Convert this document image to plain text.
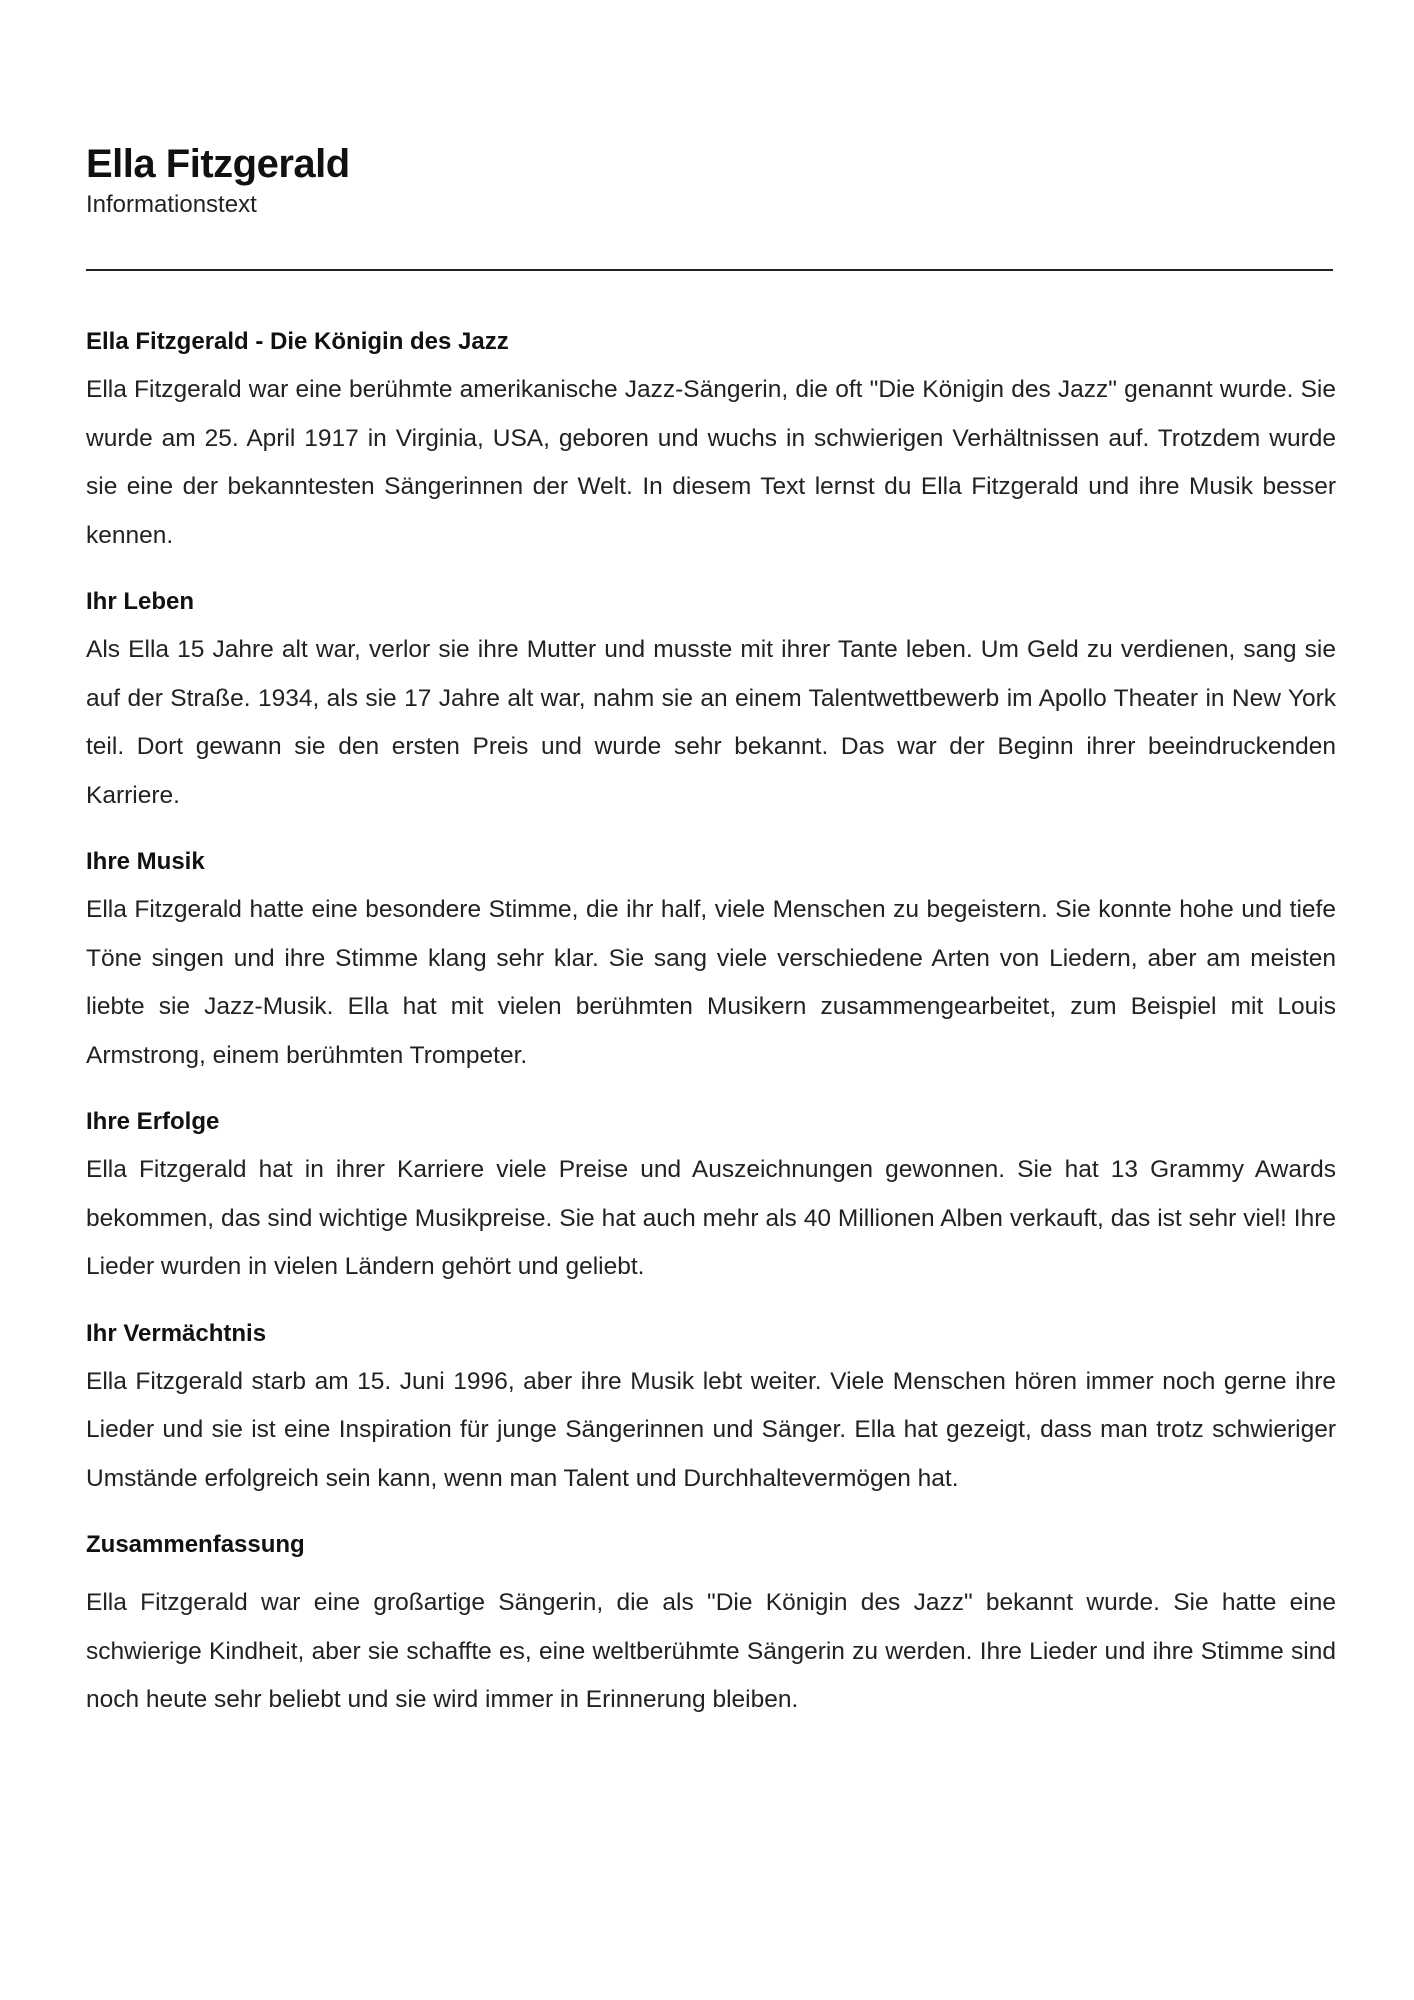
Ella Fitzgerald

Informationstext

Ella Fitzgerald - Die Königin des Jazz

Ella Fitzgerald war eine berühmte amerikanische Jazz-Sängerin, die oft "Die Königin des Jazz" genannt wurde. Sie wurde am 25. April 1917 in Virginia, USA, geboren und wuchs in schwierigen Verhältnissen auf. Trotzdem wurde sie eine der bekanntesten Sängerinnen der Welt. In diesem Text lernst du Ella Fitzgerald und ihre Musik besser kennen.

Ihr Leben

Als Ella 15 Jahre alt war, verlor sie ihre Mutter und musste mit ihrer Tante leben. Um Geld zu verdienen, sang sie auf der Straße. 1934, als sie 17 Jahre alt war, nahm sie an einem Talentwettbewerb im Apollo Theater in New York teil. Dort gewann sie den ersten Preis und wurde sehr bekannt. Das war der Beginn ihrer beeindruckenden Karriere.

Ihre Musik

Ella Fitzgerald hatte eine besondere Stimme, die ihr half, viele Menschen zu begeistern. Sie konnte hohe und tiefe Töne singen und ihre Stimme klang sehr klar. Sie sang viele verschiedene Arten von Liedern, aber am meisten liebte sie Jazz-Musik. Ella hat mit vielen berühmten Musikern zusammengearbeitet, zum Beispiel mit Louis Armstrong, einem berühmten Trompeter.

Ihre Erfolge

Ella Fitzgerald hat in ihrer Karriere viele Preise und Auszeichnungen gewonnen. Sie hat 13 Grammy Awards bekommen, das sind wichtige Musikpreise. Sie hat auch mehr als 40 Millionen Alben verkauft, das ist sehr viel! Ihre Lieder wurden in vielen Ländern gehört und geliebt.

Ihr Vermächtnis

Ella Fitzgerald starb am 15. Juni 1996, aber ihre Musik lebt weiter. Viele Menschen hören immer noch gerne ihre Lieder und sie ist eine Inspiration für junge Sängerinnen und Sänger. Ella hat gezeigt, dass man trotz schwieriger Umstände erfolgreich sein kann, wenn man Talent und Durchhaltevermögen hat.

Zusammenfassung

Ella Fitzgerald war eine großartige Sängerin, die als "Die Königin des Jazz" bekannt wurde. Sie hatte eine schwierige Kindheit, aber sie schaffte es, eine weltberühmte Sängerin zu werden. Ihre Lieder und ihre Stimme sind noch heute sehr beliebt und sie wird immer in Erinnerung bleiben.
